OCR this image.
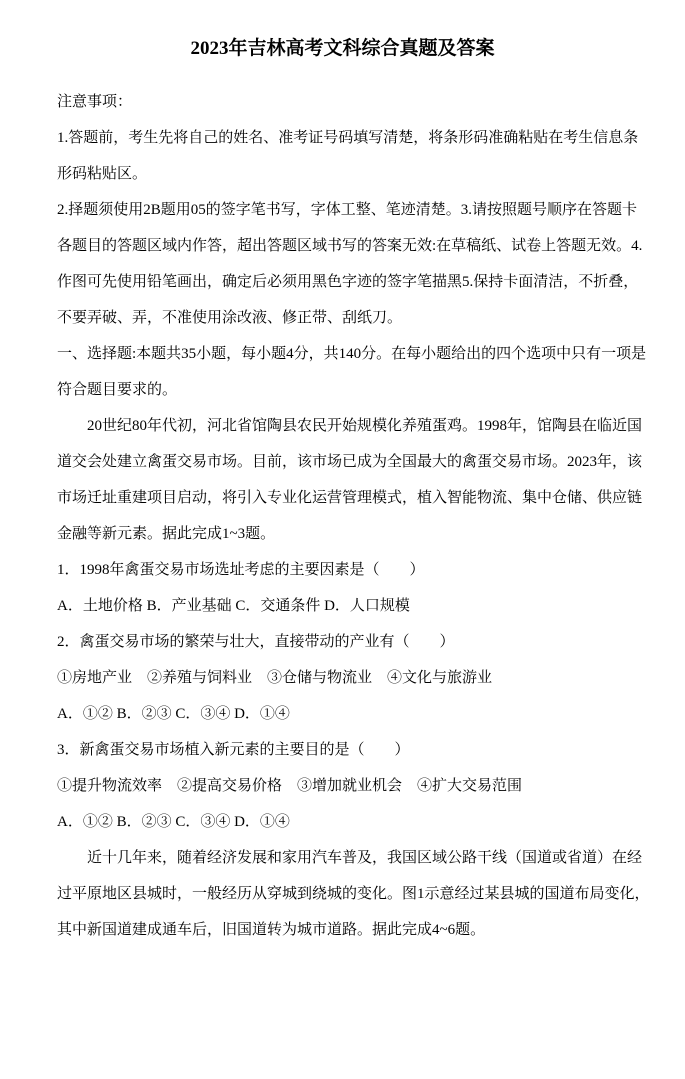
2023年吉林高考文科综合真题及答案
注意事项：
1.答题前，考生先将自己的姓名、准考证号码填写清楚，将条形码准确粘贴在考生信息条
形码粘贴区。
2.择题须使用2B题用05的签字笔书写，字体工整、笔迹清楚。3.请按照题号顺序在答题卡
各题目的答题区域内作答，超出答题区域书写的答案无效:在草稿纸、试卷上答题无效。4.
作图可先使用铅笔画出，确定后必须用黑色字迹的签字笔描黑5.保持卡面清洁，不折叠，
不要弄破、弄，不准使用涂改液、修正带、刮纸刀。
一、选择题:本题共35小题，每小题4分，共140分。在每小题给出的四个选项中只有一项是
符合题目要求的。
20世纪80年代初，河北省馆陶县农民开始规模化养殖蛋鸡。1998年，馆陶县在临近国
道交会处建立禽蛋交易市场。目前，该市场已成为全国最大的禽蛋交易市场。2023年，该
市场迁址重建项目启动，将引入专业化运营管理模式，植入智能物流、集中仓储、供应链
金融等新元素。据此完成1~3题。
1．1998年禽蛋交易市场选址考虑的主要因素是（　　）
A．土地价格 B．产业基础 C．交通条件 D．人口规模
2．禽蛋交易市场的繁荣与壮大，直接带动的产业有（　　）
①房地产业　②养殖与饲料业　③仓储与物流业　④文化与旅游业
A．①② B．②③ C．③④ D．①④
3．新禽蛋交易市场植入新元素的主要目的是（　　）
①提升物流效率　②提高交易价格　③增加就业机会　④扩大交易范围
A．①② B．②③ C．③④ D．①④
近十几年来，随着经济发展和家用汽车普及，我国区域公路干线（国道或省道）在经
过平原地区县城时，一般经历从穿城到绕城的变化。图1示意经过某县城的国道布局变化，
其中新国道建成通车后，旧国道转为城市道路。据此完成4~6题。
